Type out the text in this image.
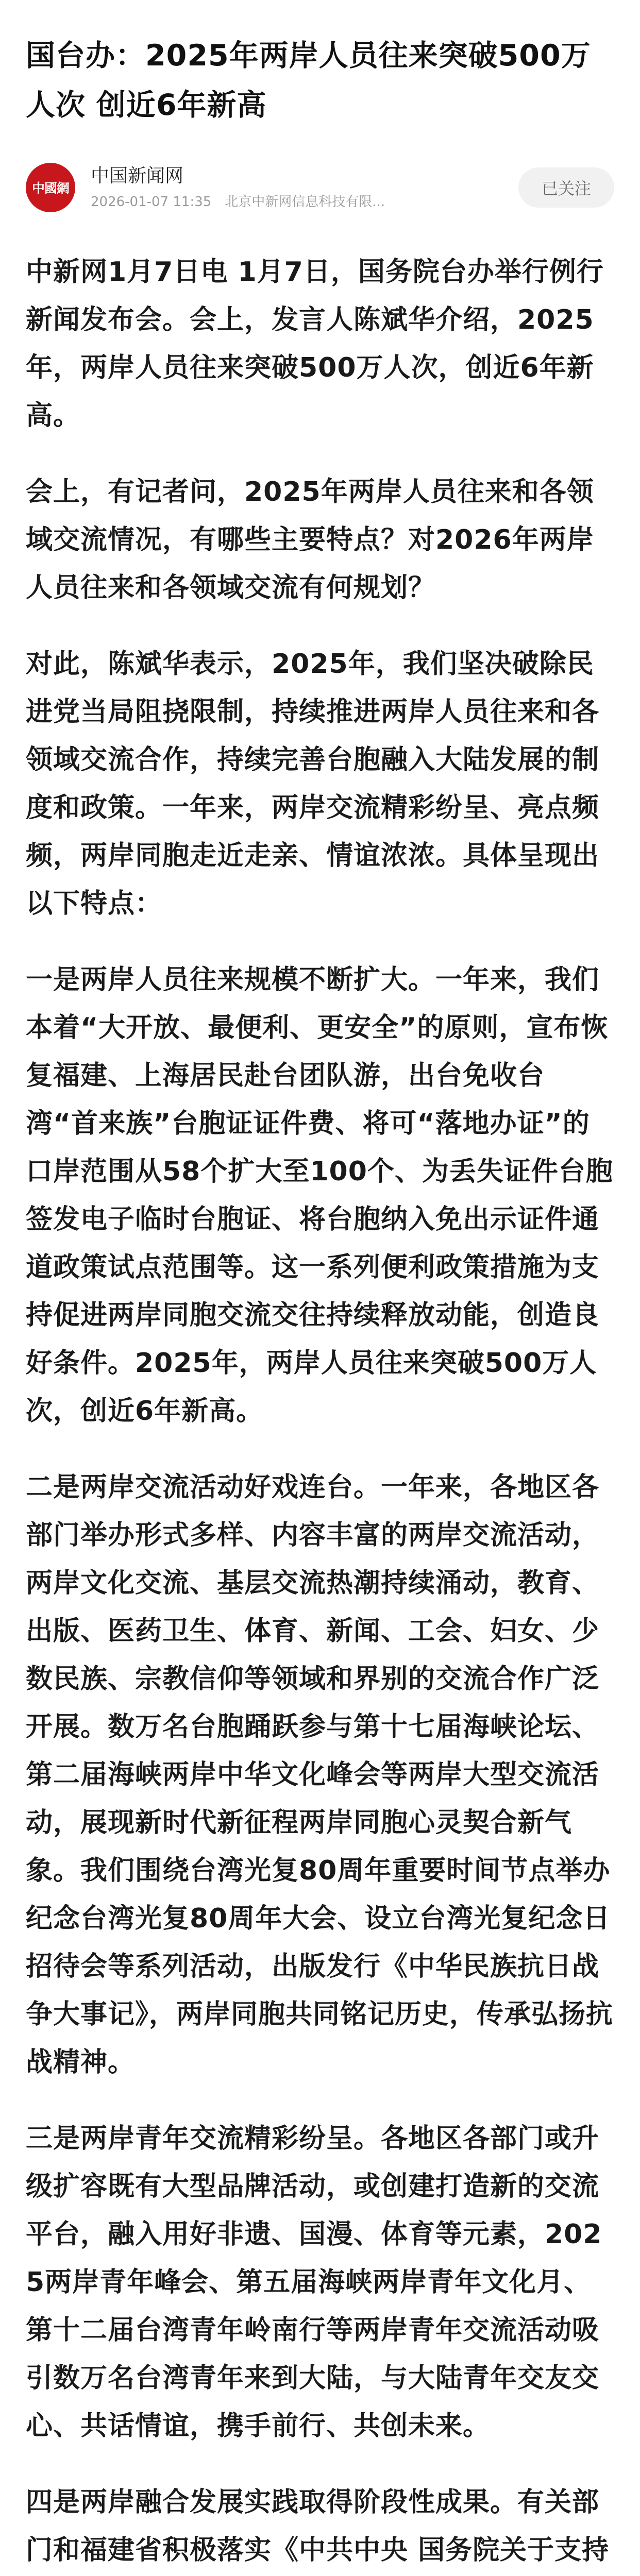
国台办：2025年两岸人员往来突破500万人次 创近6年新高
中國網
中国新闻网
2026-01-07 11:35 北京中新网信息科技有限...
已关注

中新网1月7日电 1月7日，国务院台办举行例行新闻发布会。会上，发言人陈斌华介绍，2025年，两岸人员往来突破500万人次，创近6年新高。

会上，有记者问，2025年两岸人员往来和各领域交流情况，有哪些主要特点？对2026年两岸人员往来和各领域交流有何规划？

对此，陈斌华表示，2025年，我们坚决破除民进党当局阻挠限制，持续推进两岸人员往来和各领域交流合作，持续完善台胞融入大陆发展的制度和政策。一年来，两岸交流精彩纷呈、亮点频频，两岸同胞走近走亲、情谊浓浓。具体呈现出以下特点：

一是两岸人员往来规模不断扩大。一年来，我们本着“大开放、最便利、更安全”的原则，宣布恢复福建、上海居民赴台团队游，出台免收台湾“首来族”台胞证证件费、将可“落地办证”的口岸范围从58个扩大至100个、为丢失证件台胞签发电子临时台胞证、将台胞纳入免出示证件通道政策试点范围等。这一系列便利政策措施为支持促进两岸同胞交流交往持续释放动能，创造良好条件。2025年，两岸人员往来突破500万人次，创近6年新高。

二是两岸交流活动好戏连台。一年来，各地区各部门举办形式多样、内容丰富的两岸交流活动，两岸文化交流、基层交流热潮持续涌动，教育、出版、医药卫生、体育、新闻、工会、妇女、少数民族、宗教信仰等领域和界别的交流合作广泛开展。数万名台胞踊跃参与第十七届海峡论坛、第二届海峡两岸中华文化峰会等两岸大型交流活动，展现新时代新征程两岸同胞心灵契合新气象。我们围绕台湾光复80周年重要时间节点举办纪念台湾光复80周年大会、设立台湾光复纪念日招待会等系列活动，出版发行《中华民族抗日战争大事记》，两岸同胞共同铭记历史，传承弘扬抗战精神。

三是两岸青年交流精彩纷呈。各地区各部门或升级扩容既有大型品牌活动，或创建打造新的交流平台，融入用好非遗、国漫、体育等元素，2025两岸青年峰会、第五届海峡两岸青年文化月、第十二届台湾青年岭南行等两岸青年交流活动吸引数万名台湾青年来到大陆，与大陆青年交友交心、共话情谊，携手前行、共创未来。

四是两岸融合发展实践取得阶段性成果。有关部门和福建省积极落实《中共中央 国务院关于支持
